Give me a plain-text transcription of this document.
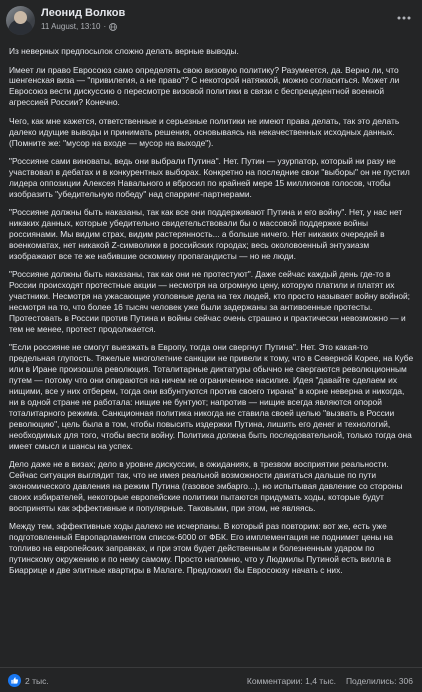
Леонид Волков
11 August, 13:10 ·

Из неверных предпосылок сложно делать верные выводы.

Имеет ли право Евросоюз само определять свою визовую политику? Разумеется, да. Верно ли, что шенгенская виза — "привилегия, а не право"? С некоторой натяжкой, можно согласиться. Может ли Евросоюз вести дискуссию о пересмотре визовой политики в связи с беспрецедентной военной агрессией России? Конечно.

Чего, как мне кажется, ответственные и серьезные политики не имеют права делать, так это делать далеко идущие выводы и принимать решения, основываясь на некачественных исходных данных. (Помните же: "мусор на входе — мусор на выходе").

"Россияне сами виноваты, ведь они выбрали Путина". Нет. Путин — узурпатор, который ни разу не участвовал в дебатах и в конкурентных выборах. Конкретно на последние свои "выборы" он не пустил лидера оппозиции Алексея Навального и вбросил по крайней мере 15 миллионов голосов, чтобы изобразить "убедительную победу" над спарринг-партнерами.

"Россияне должны быть наказаны, так как все они поддерживают Путина и его войну". Нет, у нас нет никаких данных, которые убедительно свидетельствовали бы о массовой поддержке войны россиянами. Мы видим страх, видим растерянность... а больше ничего. Нет никаких очередей в военкоматах, нет никакой Z-символики в российских городах; весь околовоенный энтузиазм изображают все те же набившие оскомину пропагандисты — но не люди.

"Россияне должны быть наказаны, так как они не протестуют". Даже сейчас каждый день где-то в России происходят протестные акции — несмотря на огромную цену, которую платили и платят их участники. Несмотря на ужасающие уголовные дела на тех людей, кто просто называет войну войной; несмотря на то, что более 16 тысяч человек уже были задержаны за антивоенные протесты. Протестовать в России против Путина и войны сейчас очень страшно и практически невозможно — и тем не менее, протест продолжается.

"Если россияне не смогут выезжать в Европу, тогда они свергнут Путина". Нет. Это какая-то предельная глупость. Тяжелые многолетние санкции не привели к тому, что в Северной Корее, на Кубе или в Иране произошла революция. Тоталитарные диктатуры обычно не свергаются революционным путем — потому что они опираются на ничем не ограниченное насилие. Идея "давайте сделаем их нищими, все у них отберем, тогда они взбунтуются против своего тирана" в корне неверна и никогда, ни в одной стране не работала: нищие не бунтуют; напротив — нищие всегда являются опорой тоталитарного режима. Санкционная политика никогда не ставила своей целью "вызвать в России революцию", цель была в том, чтобы повысить издержки Путина, лишить его денег и технологий, необходимых для того, чтобы вести войну. Политика должна быть последовательной, только тогда она имеет смысл и шансы на успех.

Дело даже не в визах; дело в уровне дискуссии, в ожиданиях, в трезвом восприятии реальности. Сейчас ситуация выглядит так, что не имея реальной возможности двигаться дальше по пути экономического давления на режим Путина (газовое эмбарго...), но испытывая давление со стороны своих избирателей, некоторые европейские политики пытаются придумать ходы, которые будут восприняты как эффективные и популярные. Таковыми, при этом, не являясь.

Между тем, эффективные ходы далеко не исчерпаны. В который раз повторим: вот же, есть уже подготовленный Европарламентом список-6000 от ФБК. Его имплементация не поднимет цены на топливо на европейских заправках, и при этом будет действенным и болезненным ударом по путинскому окружению и по нему самому. Просто напомню, что у Людмилы Путиной есть вилла в Биаррице и две элитные квартиры в Малаге. Предложил бы Евросоюзу начать с них.

2 тыс.	Комментарии: 1,4 тыс. Поделились: 306
